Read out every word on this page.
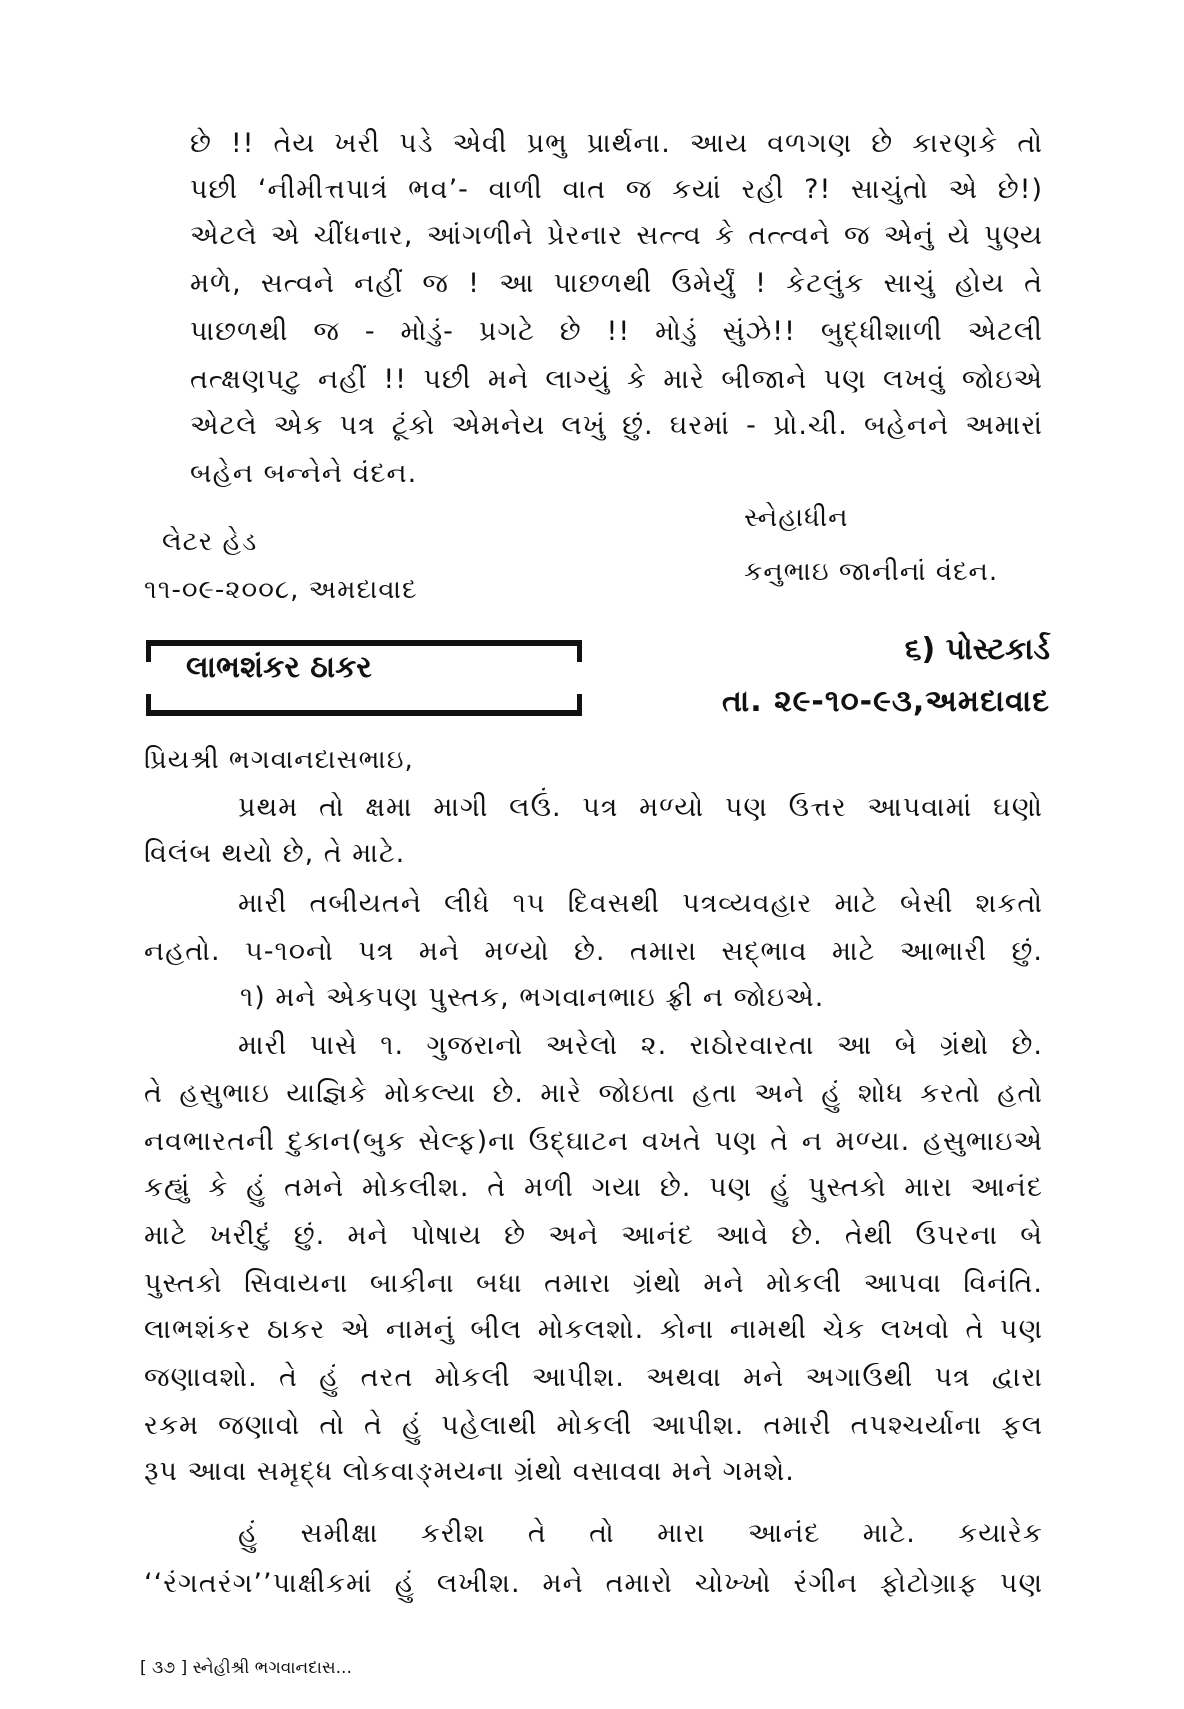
છે !! તેય ખરી પડે એવી પ્રભુ પ્રાર્થના. આય વળગણ છે કારણકે તો
પછી ‘નીમીત્તપાત્રં ભવ’- વાળી વાત જ કયાં રહી ?! સાચુંતો એ છે!)
એટલે એ ચીંધનાર, આંગળીને પ્રેરનાર સત્ત્વ કે તત્ત્વને જ એનું યે પુણ્ય
મળે, સત્વને નહીં જ ! આ પાછળથી ઉમેર્યું ! કેટલુંક સાચું હોય તે
પાછળથી જ - મોડું- પ્રગટે છે !! મોડું સુંઝે!! બુદ્ધીશાળી એટલી
તત્ક્ષણપટુ નહીં !! પછી મને લાગ્યું કે મારે બીજાને પણ લખવું જોઇએ
એટલે એક પત્ર ટૂંકો એમનેય લખું છું. ઘરમાં - પ્રો.ચી. બહેનને અમારાં
બહેન બન્નેને વંદન.
લેટર હેડ
૧૧-૦૯-૨૦૦૮, અમદાવાદ
સ્નેહાધીન
કનુભાઇ જાનીનાં વંદન.
લાભશંકર ઠાકર
૬) પોસ્ટકાર્ડ
તા. ૨૯-૧૦-૯૩,અમદાવાદ
પ્રિયશ્રી ભગવાનદાસભાઇ,
પ્રથમ તો ક્ષમા માગી લઉં. પત્ર મળ્યો પણ ઉત્તર આપવામાં ઘણો
વિલંબ થયો છે, તે માટે.
મારી તબીયતને લીધે ૧૫ દિવસથી પત્રવ્યવહાર માટે બેસી શકતો
નહતો. ૫-૧૦નો પત્ર મને મળ્યો છે. તમારા સદ્ભાવ માટે આભારી છું.
૧) મને એકપણ પુસ્તક, ભગવાનભાઇ ફ્રી ન જોઇએ.
મારી પાસે ૧. ગુજરાનો અરેલો ૨. રાઠોરવારતા આ બે ગ્રંથો છે.
તે હસુભાઇ યાજ્ઞિકે મોકલ્યા છે. મારે જોઇતા હતા અને હું શોધ કરતો હતો
નવભારતની દુકાન(બુક સેલ્ફ)ના ઉદ્ઘાટન વખતે પણ તે ન મળ્યા. હસુભાઇએ
કહ્યું કે હું તમને મોકલીશ. તે મળી ગયા છે. પણ હું પુસ્તકો મારા આનંદ
માટે ખરીદું છું. મને પોષાય છે અને આનંદ આવે છે. તેથી ઉપરના બે
પુસ્તકો સિવાયના બાકીના બધા તમારા ગ્રંથો મને મોકલી આપવા વિનંતિ.
લાભશંકર ઠાકર એ નામનું બીલ મોકલશો. કોના નામથી ચેક લખવો તે પણ
જણાવશો. તે હું તરત મોકલી આપીશ. અથવા મને અગાઉથી પત્ર દ્વારા
રકમ જણાવો તો તે હું પહેલાથી મોકલી આપીશ. તમારી તપશ્ચર્યાના ફલ
રૂપ આવા સમૃદ્ધ લોકવાઙ્મયના ગ્રંથો વસાવવા મને ગમશે.
હું સમીક્ષા કરીશ તે તો મારા આનંદ માટે. કયારેક
‘‘રંગતરંગ’’પાક્ષીકમાં હું લખીશ. મને તમારો ચોખ્ખો રંગીન ફોટોગ્રાફ પણ
[ ૩૭ ] સ્નેહીશ્રી ભગવાનદાસ...
